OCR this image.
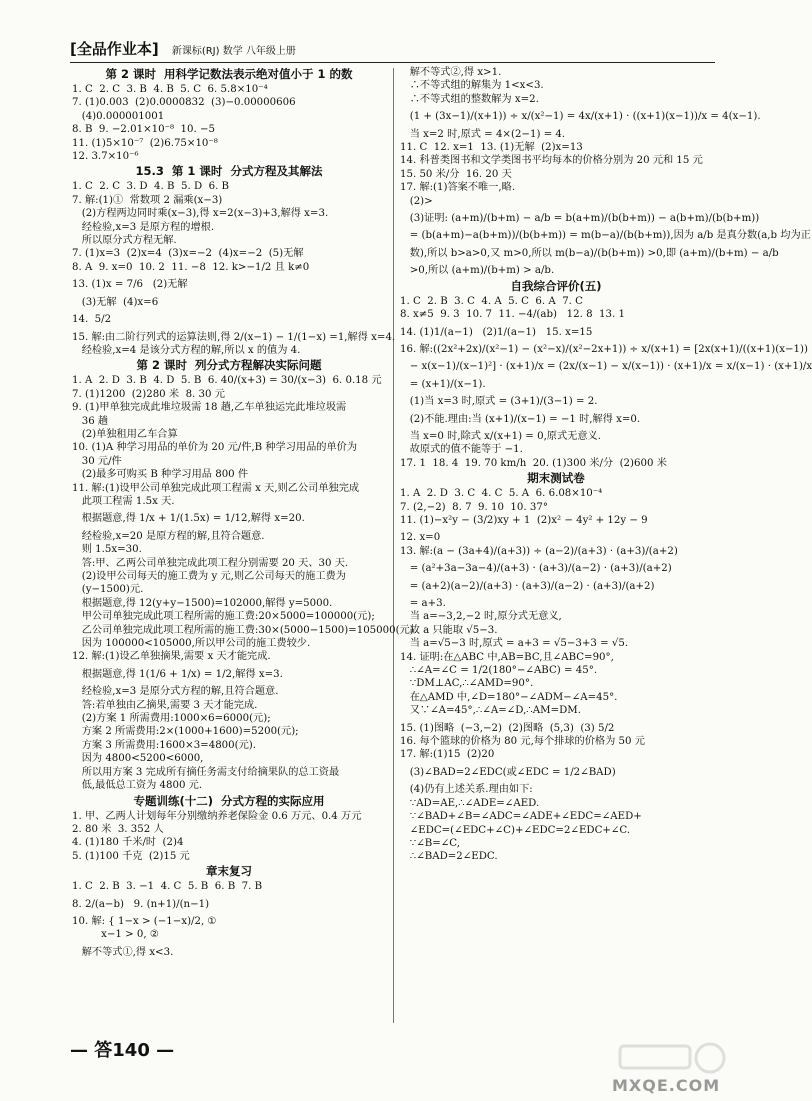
[全品作业本] 新课标(RJ) 数学 八年级上册
第 2 课时  用科学记数法表示绝对值小于 1 的数
1. C  2. C  3. B  4. B  5. C  6. 5.8×10⁻⁴
7. (1)0.003  (2)0.0000832  (3)−0.00000606
(4)0.000001001
8. B  9. −2.01×10⁻⁸  10. −5
11. (1)5×10⁻⁷  (2)6.75×10⁻⁸
12. 3.7×10⁻⁶
15.3  第 1 课时  分式方程及其解法
1. C  2. C  3. D  4. B  5. D  6. B
7. 解:(1)①  常数项 2 漏乘(x−3)
(2)方程两边同时乘(x−3),得 x=2(x−3)+3,解得 x=3.
经检验,x=3 是原方程的增根.
所以原分式方程无解.
7. (1)x=3  (2)x=4  (3)x=−2  (4)x=−2  (5)无解
8. A  9. x=0  10. 2  11. −8  12. k>−1/2 且 k≠0
13. (1)x = 7/6   (2)无解
(3)无解  (4)x=6
14.  5/2
15. 解:由二阶行列式的运算法则,得 2/(x−1) − 1/(1−x) =1,解得 x=4.
经检验,x=4 是该分式方程的解,所以 x 的值为 4.
第 2 课时  列分式方程解决实际问题
1. A  2. D  3. B  4. D  5. B  6. 40/(x+3) = 30/(x−3)  6. 0.18 元
7. (1)1200  (2)280 米  8. 30 元
9. (1)甲单独完成此堆垃圾需 18 趟,乙车单独运完此堆垃圾需
36 趟
(2)单独租用乙车合算
10. (1)A 种学习用品的单价为 20 元/件,B 种学习用品的单价为
30 元/件
(2)最多可购买 B 种学习用品 800 件
11. 解:(1)设甲公司单独完成此项工程需 x 天,则乙公司单独完成
此项工程需 1.5x 天.
根据题意,得 1/x + 1/(1.5x) = 1/12,解得 x=20.
经检验,x=20 是原方程的解,且符合题意.
则 1.5x=30.
答:甲、乙两公司单独完成此项工程分别需要 20 天、30 天.
(2)设甲公司每天的施工费为 y 元,则乙公司每天的施工费为
(y−1500)元.
根据题意,得 12(y+y−1500)=102000,解得 y=5000.
甲公司单独完成此项工程所需的施工费:20×5000=100000(元);
乙公司单独完成此项工程所需的施工费:30×(5000−1500)=105000(元).
因为 100000<105000,所以甲公司的施工费较少.
12. 解:(1)设乙单独摘果,需要 x 天才能完成.
根据题意,得 1(1/6 + 1/x) = 1/2,解得 x=3.
经检验,x=3 是原分式方程的解,且符合题意.
答:若单独由乙摘果,需要 3 天才能完成.
(2)方案 1 所需费用:1000×6=6000(元);
方案 2 所需费用:2×(1000+1600)=5200(元);
方案 3 所需费用:1600×3=4800(元).
因为 4800<5200<6000,
所以用方案 3 完成所有摘任务需支付给摘果队的总工资最
低,最低总工资为 4800 元.
专题训练(十二)  分式方程的实际应用
1. 甲、乙两人计划每年分别缴纳养老保险金 0.6 万元、0.4 万元
2. 80 米  3. 352 人
4. (1)180 千米/时  (2)4
5. (1)100 千克  (2)15 元
章末复习
1. C  2. B  3. −1  4. C  5. B  6. B  7. B
8. 2/(a−b)   9. (n+1)/(n−1)
10. 解: { 1−x > (−1−x)/2, ①
x−1 > 0, ②
解不等式①,得 x<3.
解不等式②,得 x>1.
∴不等式组的解集为 1<x<3.
∴不等式组的整数解为 x=2.
(1 + (3x−1)/(x+1)) ÷ x/(x²−1) = 4x/(x+1) · ((x+1)(x−1))/x = 4(x−1).
当 x=2 时,原式 = 4×(2−1) = 4.
11. C  12. x=1  13. (1)无解  (2)x=13
14. 科普类图书和文学类图书平均每本的价格分别为 20 元和 15 元
15. 50 米/分  16. 20 天
17. 解:(1)答案不唯一,略.
(2)>
(3)证明: (a+m)/(b+m) − a/b = b(a+m)/(b(b+m)) − a(b+m)/(b(b+m))
= (b(a+m)−a(b+m))/(b(b+m)) = m(b−a)/(b(b+m)),因为 a/b 是真分数(a,b 均为正
数),所以 b>a>0,又 m>0,所以 m(b−a)/(b(b+m)) >0,即 (a+m)/(b+m) − a/b
>0,所以 (a+m)/(b+m) > a/b.
自我综合评价(五)
1. C  2. B  3. C  4. A  5. C  6. A  7. C
8. x≠5  9. 3  10. 7  11. −4/(ab)   12. 8  13. 1
14. (1)1/(a−1)   (2)1/(a−1)   15. x=15
16. 解:((2x²+2x)/(x²−1) − (x²−x)/(x²−2x+1)) ÷ x/(x+1) = [2x(x+1)/((x+1)(x−1))
− x(x−1)/(x−1)²] · (x+1)/x = (2x/(x−1) − x/(x−1)) · (x+1)/x = x/(x−1) · (x+1)/x
= (x+1)/(x−1).
(1)当 x=3 时,原式 = (3+1)/(3−1) = 2.
(2)不能.理由:当 (x+1)/(x−1) = −1 时,解得 x=0.
当 x=0 时,除式 x/(x+1) = 0,原式无意义.
故原式的值不能等于 −1.
17. 1  18. 4  19. 70 km/h  20. (1)300 米/分  (2)600 米
期末测试卷
1. A  2. D  3. C  4. C  5. A  6. 6.08×10⁻⁴
7. (2,−2)  8. 7  9. 10  10. 37°
11. (1)−x²y − (3/2)xy + 1  (2)x² − 4y² + 12y − 9
12. x=0
13. 解:(a − (3a+4)/(a+3)) ÷ (a−2)/(a+3) · (a+3)/(a+2)
= (a²+3a−3a−4)/(a+3) · (a+3)/(a−2) · (a+3)/(a+2)
= (a+2)(a−2)/(a+3) · (a+3)/(a−2) · (a+3)/(a+2)
= a+3.
当 a=−3,2,−2 时,原分式无意义,
故 a 只能取 √5−3.
当 a=√5−3 时,原式 = a+3 = √5−3+3 = √5.
14. 证明:在△ABC 中,AB=BC,且∠ABC=90°,
∴∠A=∠C = 1/2(180°−∠ABC) = 45°.
∵DM⊥AC,∴∠AMD=90°.
在△AMD 中,∠D=180°−∠ADM−∠A=45°.
又∵∠A=45°,∴∠A=∠D,∴AM=DM.
15. (1)图略  (−3,−2)  (2)图略  (5,3)  (3) 5/2
16. 每个篮球的价格为 80 元,每个排球的价格为 50 元
17. 解:(1)15  (2)20
(3)∠BAD=2∠EDC(或∠EDC = 1/2∠BAD)
(4)仍有上述关系.理由如下:
∵AD=AE,∴∠ADE=∠AED.
∵∠BAD+∠B=∠ADC=∠ADE+∠EDC=∠AED+
∠EDC=(∠EDC+∠C)+∠EDC=2∠EDC+∠C.
∵∠B=∠C,
∴∠BAD=2∠EDC.
— 答140 —
MXQE.COM
